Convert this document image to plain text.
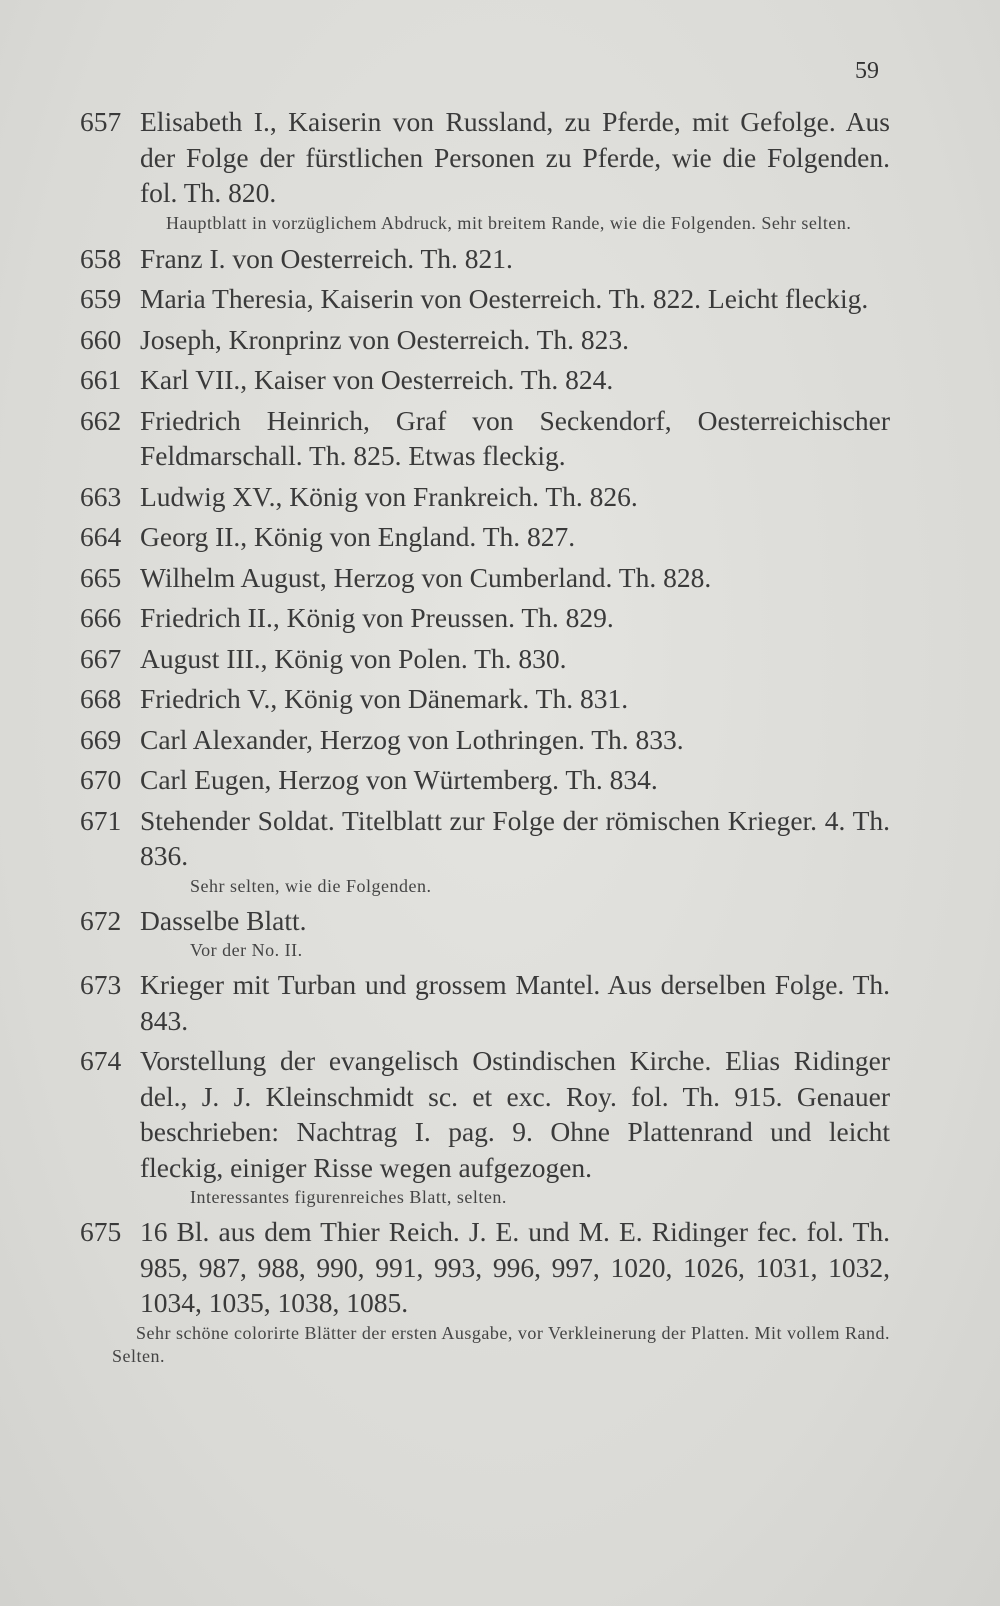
59
657 Elisabeth I., Kaiserin von Russland, zu Pferde, mit Gefolge. Aus der Folge der fürstlichen Personen zu Pferde, wie die Folgenden. fol. Th. 820.
Hauptblatt in vorzüglichem Abdruck, mit breitem Rande, wie die Folgenden. Sehr selten.
658 Franz I. von Oesterreich. Th. 821.
659 Maria Theresia, Kaiserin von Oesterreich. Th. 822. Leicht fleckig.
660 Joseph, Kronprinz von Oesterreich. Th. 823.
661 Karl VII., Kaiser von Oesterreich. Th. 824.
662 Friedrich Heinrich, Graf von Seckendorf, Oesterreichischer Feldmarschall. Th. 825. Etwas fleckig.
663 Ludwig XV., König von Frankreich. Th. 826.
664 Georg II., König von England. Th. 827.
665 Wilhelm August, Herzog von Cumberland. Th. 828.
666 Friedrich II., König von Preussen. Th. 829.
667 August III., König von Polen. Th. 830.
668 Friedrich V., König von Dänemark. Th. 831.
669 Carl Alexander, Herzog von Lothringen. Th. 833.
670 Carl Eugen, Herzog von Würtemberg. Th. 834.
671 Stehender Soldat. Titelblatt zur Folge der römischen Krieger. 4. Th. 836.
Sehr selten, wie die Folgenden.
672 Dasselbe Blatt.
Vor der No. II.
673 Krieger mit Turban und grossem Mantel. Aus derselben Folge. Th. 843.
674 Vorstellung der evangelisch Ostindischen Kirche. Elias Ridinger del., J. J. Kleinschmidt sc. et exc. Roy. fol. Th. 915. Genauer beschrieben: Nachtrag I. pag. 9. Ohne Plattenrand und leicht fleckig, einiger Risse wegen aufgezogen.
Interessantes figurenreiches Blatt, selten.
675 16 Bl. aus dem Thier Reich. J. E. und M. E. Ridinger fec. fol. Th. 985, 987, 988, 990, 991, 993, 996, 997, 1020, 1026, 1031, 1032, 1034, 1035, 1038, 1085.
Sehr schöne colorirte Blätter der ersten Ausgabe, vor Verkleinerung der Platten. Mit vollem Rand. Selten.
